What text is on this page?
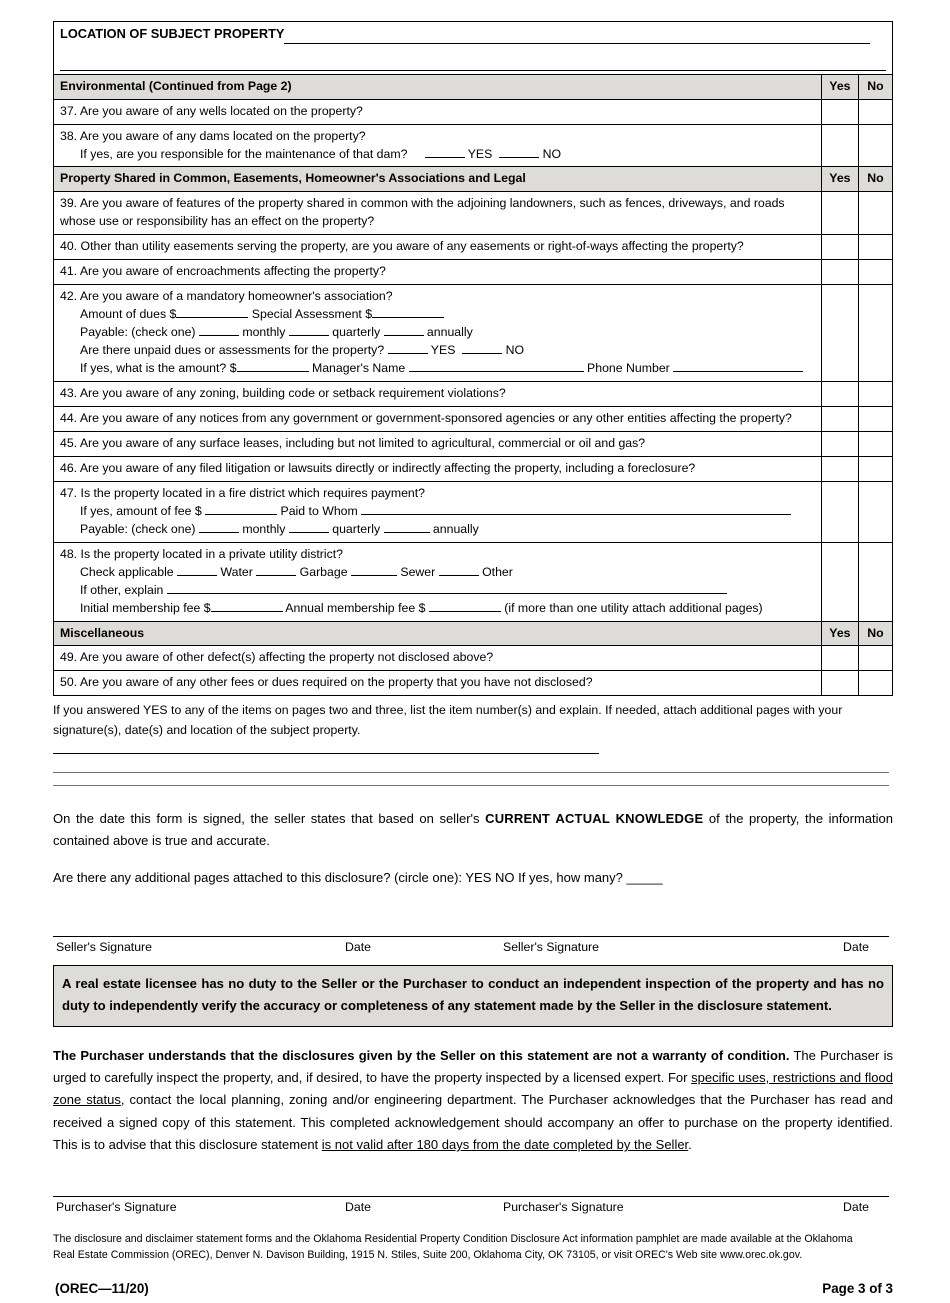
LOCATION OF SUBJECT PROPERTY		

Environmental (Continued from Page 2)	Yes	No
37. Are you aware of any wells located on the property?		
38. Are you aware of any dams located on the property?
If yes, are you responsible for the maintenance of that dam? YES NO		

Property Shared in Common, Easements, Homeowner's Associations and Legal	Yes	No
39. Are you aware of features of the property shared in common with the adjoining landowners, such as fences, driveways, and roads whose use or responsibility has an effect on the property?		
40. Other than utility easements serving the property, are you aware of any easements or right-of-ways affecting the property?		
41. Are you aware of encroachments affecting the property?		
42. Are you aware of a mandatory homeowner's association?
Amount of dues $ Special Assessment $
Payable: (check one) monthly quarterly annually
Are there unpaid dues or assessments for the property? YES NO
If yes, what is the amount? $ Manager's Name Phone Number		

43. Are you aware of any zoning, building code or setback requirement violations?		
44. Are you aware of any notices from any government or government-sponsored agencies or any other entities affecting the property?		
45. Are you aware of any surface leases, including but not limited to agricultural, commercial or oil and gas?		
46. Are you aware of any filed litigation or lawsuits directly or indirectly affecting the property, including a foreclosure?		
47. Is the property located in a fire district which requires payment?
If yes, amount of fee $ Paid to Whom
Payable: (check one) monthly quarterly annually		

48. Is the property located in a private utility district?
Check applicable Water Garbage Sewer Other
If other, explain
Initial membership fee $ Annual membership fee $ (if more than one utility attach additional pages)		

Miscellaneous	Yes	No
49. Are you aware of other defect(s) affecting the property not disclosed above?		
50. Are you aware of any other fees or dues required on the property that you have not disclosed?		
If you answered YES to any of the items on pages two and three, list the item number(s) and explain. If needed, attach additional pages with your
signature(s), date(s) and location of the subject property.
On the date this form is signed, the seller states that based on seller's CURRENT ACTUAL KNOWLEDGE of the property, the information contained above is true and accurate.
Are there any additional pages attached to this disclosure? (circle one): YES NO If yes, how many? _____
Seller's Signature	Date	Seller's Signature	Date
A real estate licensee has no duty to the Seller or the Purchaser to conduct an independent inspection of the property and has no duty to independently verify the accuracy or completeness of any statement made by the Seller in the disclosure statement.
The Purchaser understands that the disclosures given by the Seller on this statement are not a warranty of condition. The Purchaser is urged to carefully inspect the property, and, if desired, to have the property inspected by a licensed expert. For specific uses, restrictions and flood zone status, contact the local planning, zoning and/or engineering department. The Purchaser acknowledges that the Purchaser has read and received a signed copy of this statement. This completed acknowledgement should accompany an offer to purchase on the property identified. This is to advise that this disclosure statement is not valid after 180 days from the date completed by the Seller.
Purchaser's Signature	Date	Purchaser's Signature	Date
The disclosure and disclaimer statement forms and the Oklahoma Residential Property Condition Disclosure Act information pamphlet are made available at the Oklahoma
Real Estate Commission (OREC), Denver N. Davison Building, 1915 N. Stiles, Suite 200, Oklahoma City, OK 73105, or visit OREC's Web site www.orec.ok.gov.
(OREC—11/20)	Page 3 of 3
